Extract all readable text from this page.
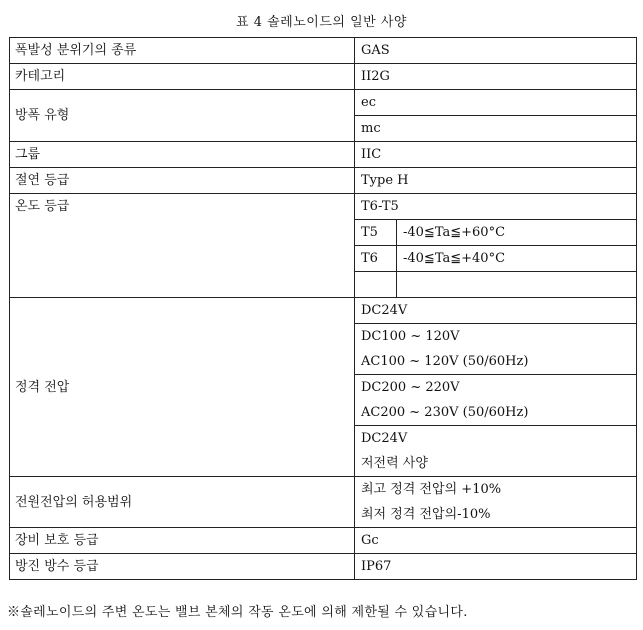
표 4 솔레노이드의 일반 사양
폭발성 분위기의 종류	GAS	
카테고리	II2G	
방폭 유형	ec	
	mc	
그룹	IIC	
절연 등급	Type H	
온도 등급	T6-T5	
	T5	-40≦Ta≦+60°C
	T6	-40≦Ta≦+40°C

정격 전압	DC24V	

	DC100 ~ 120V
AC100 ~ 120V (50/60Hz)	

	DC200 ~ 220V
AC200 ~ 230V (50/60Hz)	

	DC24V
저전력 사양	

전원전압의 허용범위	최고 정격 전압의 +10%
최저 정격 전압의-10%	

장비 보호 등급	Gc	
방진 방수 등급	IP67	
※솔레노이드의 주변 온도는 밸브 본체의 작동 온도에 의해 제한될 수 있습니다.
